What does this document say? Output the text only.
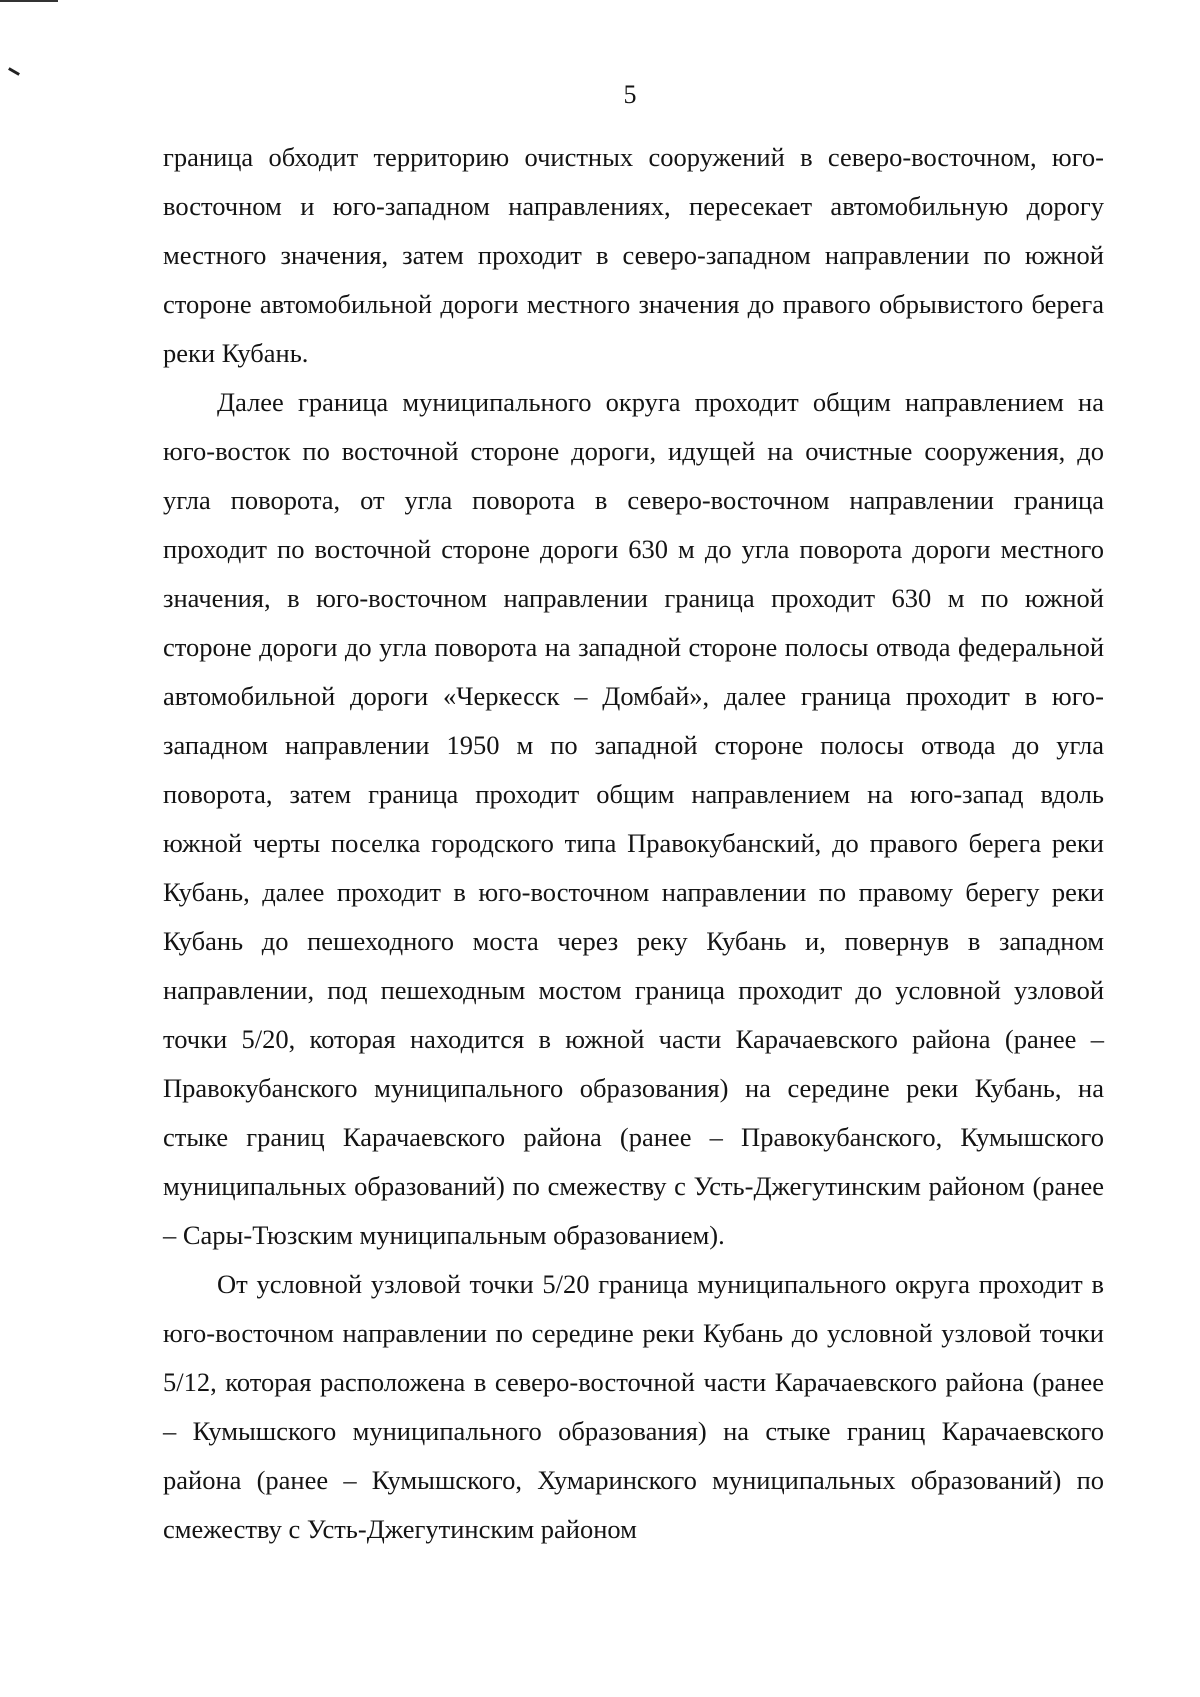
5

граница обходит территорию очистных сооружений в северо-восточном, юго-восточном и юго-западном направлениях, пересекает автомобильную дорогу местного значения, затем проходит в северо-западном направлении по южной стороне автомобильной дороги местного значения до правого обрывистого берега реки Кубань.

Далее граница муниципального округа проходит общим направлением на юго-восток по восточной стороне дороги, идущей на очистные сооружения, до угла поворота, от угла поворота в северо-восточном направлении граница проходит по восточной стороне дороги 630 м до угла поворота дороги местного значения, в юго-восточном направлении граница проходит 630 м по южной стороне дороги до угла поворота на западной стороне полосы отвода федеральной автомобильной дороги «Черкесск – Домбай», далее граница проходит в юго-западном направлении 1950 м по западной стороне полосы отвода до угла поворота, затем граница проходит общим направлением на юго-запад вдоль южной черты поселка городского типа Правокубанский, до правого берега реки Кубань, далее проходит в юго-восточном направлении по правому берегу реки Кубань до пешеходного моста через реку Кубань и, повернув в западном направлении, под пешеходным мостом граница проходит до условной узловой точки 5/20, которая находится в южной части Карачаевского района (ранее – Правокубанского муниципального образования) на середине реки Кубань, на стыке границ Карачаевского района (ранее – Правокубанского, Кумышского муниципальных образований) по смежеству с Усть-Джегутинским районом (ранее – Сары-Тюзским муниципальным образованием).

От условной узловой точки 5/20 граница муниципального округа проходит в юго-восточном направлении по середине реки Кубань до условной узловой точки 5/12, которая расположена в северо-восточной части Карачаевского района (ранее – Кумышского муниципального образования) на стыке границ Карачаевского района (ранее – Кумышского, Хумаринского муниципальных образований) по смежеству с Усть-Джегутинским районом
